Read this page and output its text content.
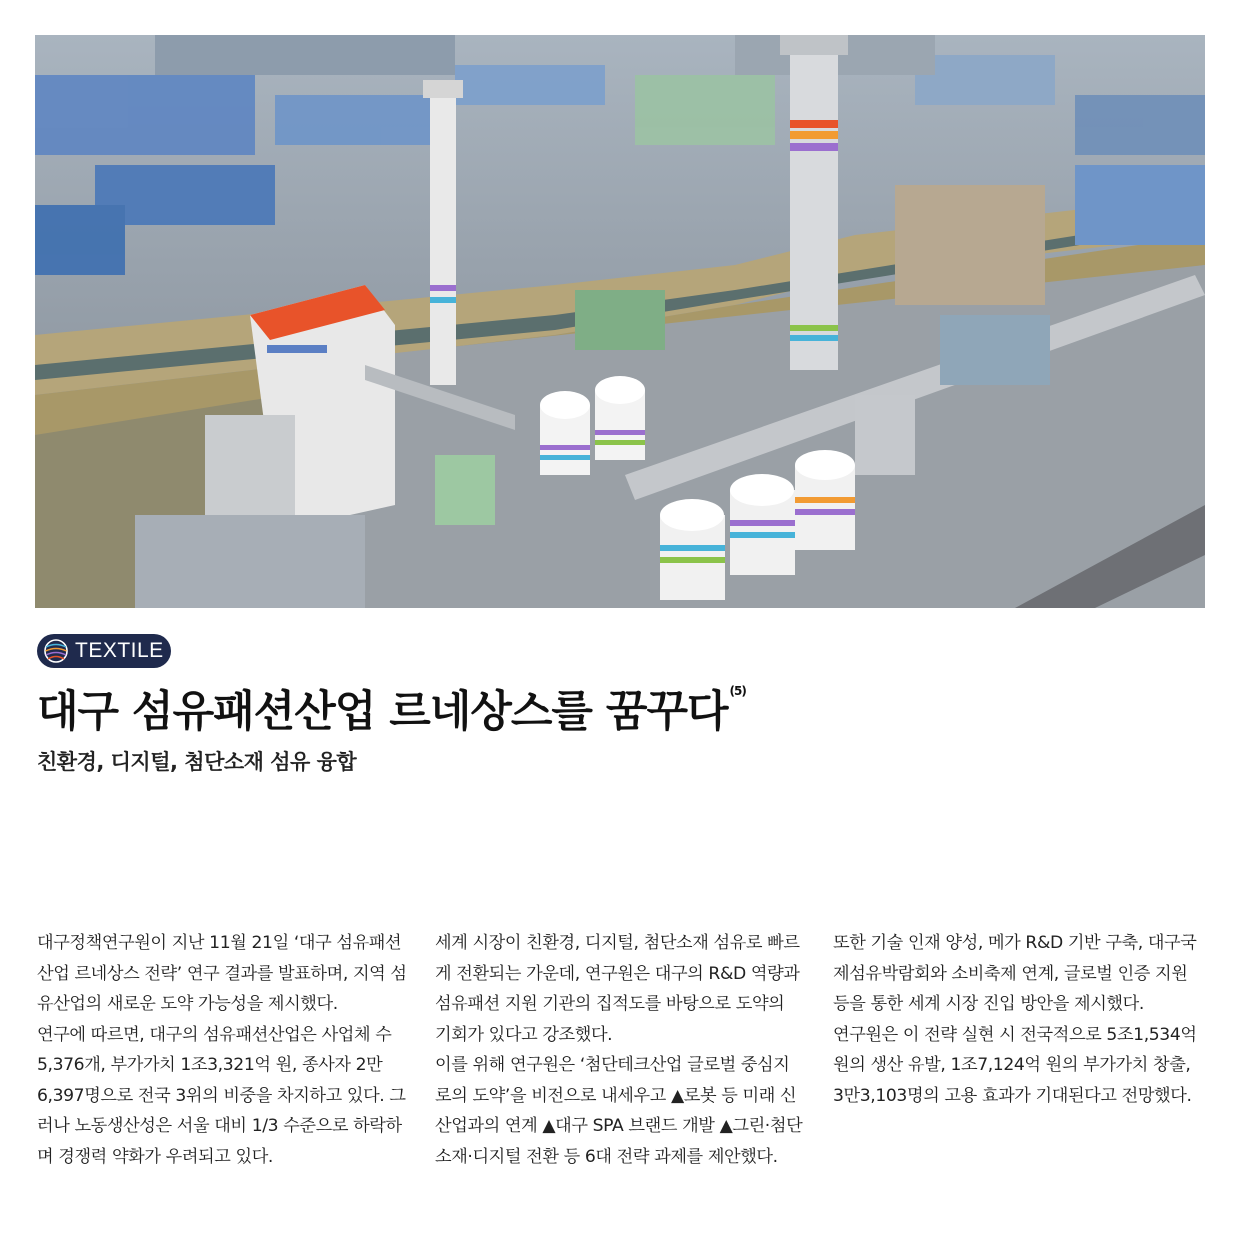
TEXTILE
대구 섬유패션산업 르네상스를 꿈꾸다 $^{(5)}$
친환경, 디지털, 첨단소재 섬유 융합

대구정책연구원이 지난 11월 21일 ‘대구 섬유패션산업 르네상스 전략’ 연구 결과를 발표하며, 지역 섬유산업의 새로운 도약 가능성을 제시했다.

연구에 따르면, 대구의 섬유패션산업은 사업체 수 5,376개, 부가가치 1조3,321억 원, 종사자 2만6,397명으로 전국 3위의 비중을 차지하고 있다. 그러나 노동생산성은 서울 대비 1/3 수준으로 하락하며 경쟁력 약화가 우려되고 있다.

세계 시장이 친환경, 디지털, 첨단소재 섬유로 빠르게 전환되는 가운데, 연구원은 대구의 R&D 역량과 섬유패션 지원 기관의 집적도를 바탕으로 도약의 기회가 있다고 강조했다.

이를 위해 연구원은 ‘첨단테크산업 글로벌 중심지로의 도약’을 비전으로 내세우고 ▲로봇 등 미래 신산업과의 연계 ▲대구 SPA 브랜드 개발 ▲그린·첨단소재·디지털 전환 등 6대 전략 과제를 제안했다.

또한 기술 인재 양성, 메가 R&D 기반 구축, 대구국제섬유박람회와 소비축제 연계, 글로벌 인증 지원 등을 통한 세계 시장 진입 방안을 제시했다.

연구원은 이 전략 실현 시 전국적으로 5조1,534억 원의 생산 유발, 1조7,124억 원의 부가가치 창출, 3만3,103명의 고용 효과가 기대된다고 전망했다.
